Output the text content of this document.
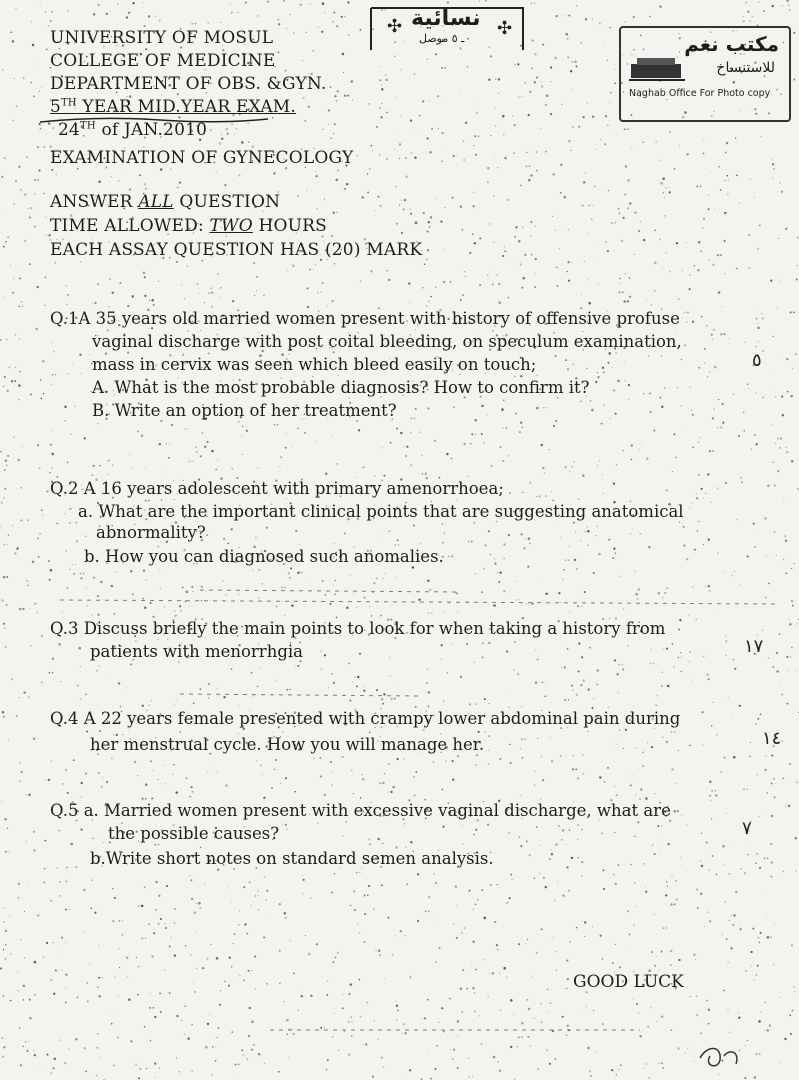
✣	✣
نسائية
ـ ٥ موصل	مكتب نغم
للاستنساخ
Naghab Office For Photo copy
UNIVERSITY OF MOSUL
COLLEGE OF MEDICINE
DEPARTMENT OF OBS. &GYN.
5TH YEAR MID.YEAR EXAM.
24TH of JAN.2010
EXAMINATION OF GYNECOLOGY
ANSWER ALL QUESTION
TIME ALLOWED: TWO HOURS
EACH ASSAY QUESTION HAS (20) MARK
Q.1A 35 years old married women present with history of offensive profuse
vaginal discharge with post coital bleeding, on speculum examination,
mass in cervix was seen which bleed easily on touch;
A. What is the most probable diagnosis? How to confirm it?
B. Write an option of her treatment?
٥
Q.2 A 16 years adolescent with primary amenorrhoea;
a. What are the important clinical points that are suggesting anatomical
abnormality?
b. How you can diagnosed such anomalies.
Q.3 Discuss briefly the main points to look for when taking a history from
patients with menorrhgia	١٧
Q.4 A 22 years female presented with crampy lower abdominal pain during
her menstrual cycle. How you will manage her.	١٤
Q.5 a. Married women present with excessive vaginal discharge, what are
the possible causes?
b.Write short notes on standard semen analysis.
٧
GOOD LUCK
